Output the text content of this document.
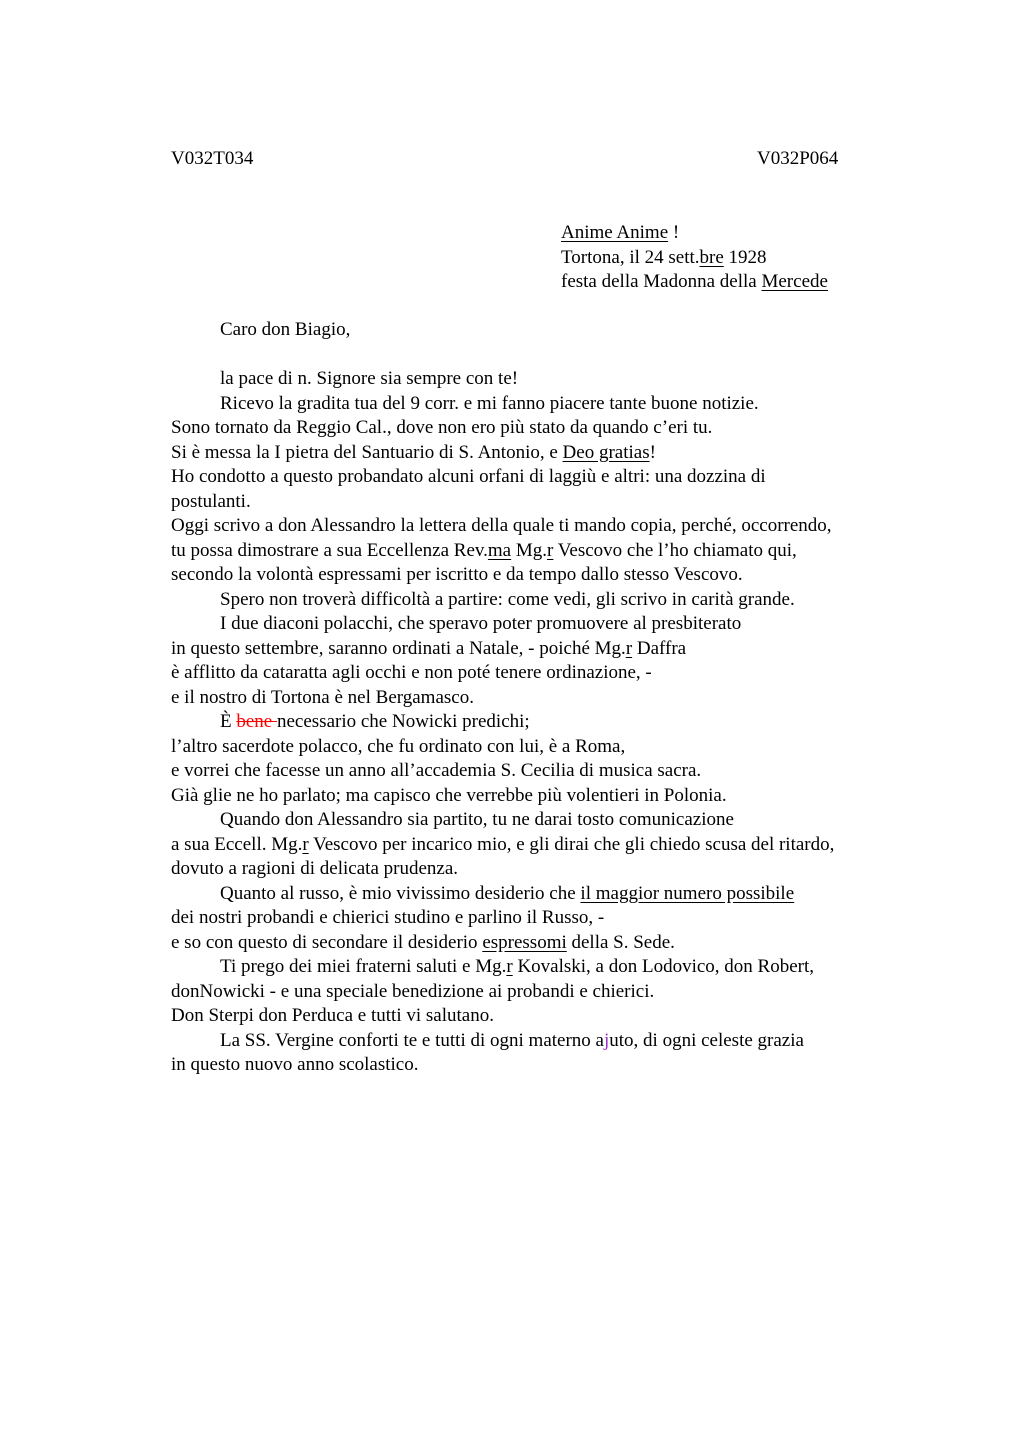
V032T034	V032P064
Anime Anime !
Tortona, il 24 sett.bre 1928
festa della Madonna della Mercede
Caro don Biagio,
la pace di n. Signore sia sempre con te!
Ricevo la gradita tua del 9 corr. e mi fanno piacere tante buone notizie.
Sono tornato da Reggio Cal., dove non ero più stato da quando c’eri tu.
Si è messa la I pietra del Santuario di S. Antonio, e Deo gratias!
Ho condotto a questo probandato alcuni orfani di laggiù e altri: una dozzina di
postulanti.
Oggi scrivo a don Alessandro la lettera della quale ti mando copia, perché, occorrendo,
tu possa dimostrare a sua Eccellenza Rev.ma Mg.r Vescovo che l’ho chiamato qui,
secondo la volontà espressami per iscritto e da tempo dallo stesso Vescovo.
Spero non troverà difficoltà a partire: come vedi, gli scrivo in carità grande.
I due diaconi polacchi, che speravo poter promuovere al presbiterato
in questo settembre, saranno ordinati a Natale, - poiché Mg.r Daffra
è afflitto da cataratta agli occhi e non poté tenere ordinazione, -
e il nostro di Tortona è nel Bergamasco.
È bene necessario che Nowicki predichi;
l’altro sacerdote polacco, che fu ordinato con lui, è a Roma,
e vorrei che facesse un anno all’accademia S. Cecilia di musica sacra.
Già glie ne ho parlato; ma capisco che verrebbe più volentieri in Polonia.
Quando don Alessandro sia partito, tu ne darai tosto comunicazione
a sua Eccell. Mg.r Vescovo per incarico mio, e gli dirai che gli chiedo scusa del ritardo,
dovuto a ragioni di delicata prudenza.
Quanto al russo, è mio vivissimo desiderio che il maggior numero possibile
dei nostri probandi e chierici studino e parlino il Russo, -
e so con questo di secondare il desiderio espressomi della S. Sede.
Ti prego dei miei fraterni saluti e Mg.r Kovalski, a don Lodovico, don Robert,
donNowicki - e una speciale benedizione ai probandi e chierici.
Don Sterpi don Perduca e tutti vi salutano.
La SS. Vergine conforti te e tutti di ogni materno ajuto, di ogni celeste grazia
in questo nuovo anno scolastico.
